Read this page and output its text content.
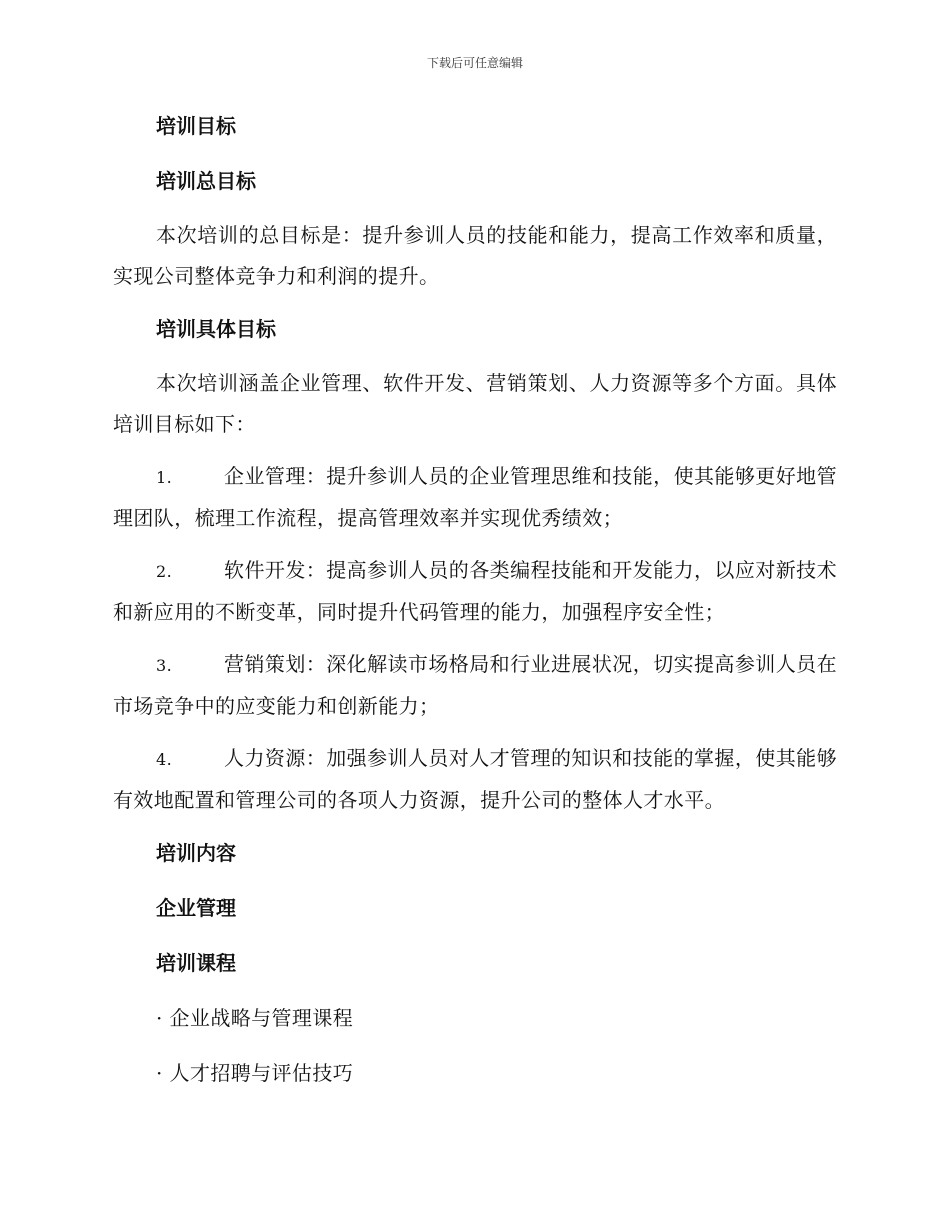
下载后可任意编辑
培训目标
培训总目标
本次培训的总目标是：提升参训人员的技能和能力，提高工作效率和质量，实现公司整体竞争力和利润的提升。
培训具体目标
本次培训涵盖企业管理、软件开发、营销策划、人力资源等多个方面。具体培训目标如下：
1.	企业管理：提升参训人员的企业管理思维和技能，使其能够更好地管理团队，梳理工作流程，提高管理效率并实现优秀绩效；
2.	软件开发：提高参训人员的各类编程技能和开发能力，以应对新技术和新应用的不断变革，同时提升代码管理的能力，加强程序安全性；
3.	营销策划：深化解读市场格局和行业进展状况，切实提高参训人员在市场竞争中的应变能力和创新能力；
4.	人力资源：加强参训人员对人才管理的知识和技能的掌握，使其能够有效地配置和管理公司的各项人力资源，提升公司的整体人才水平。
培训内容
企业管理
培训课程
· 企业战略与管理课程
· 人才招聘与评估技巧
